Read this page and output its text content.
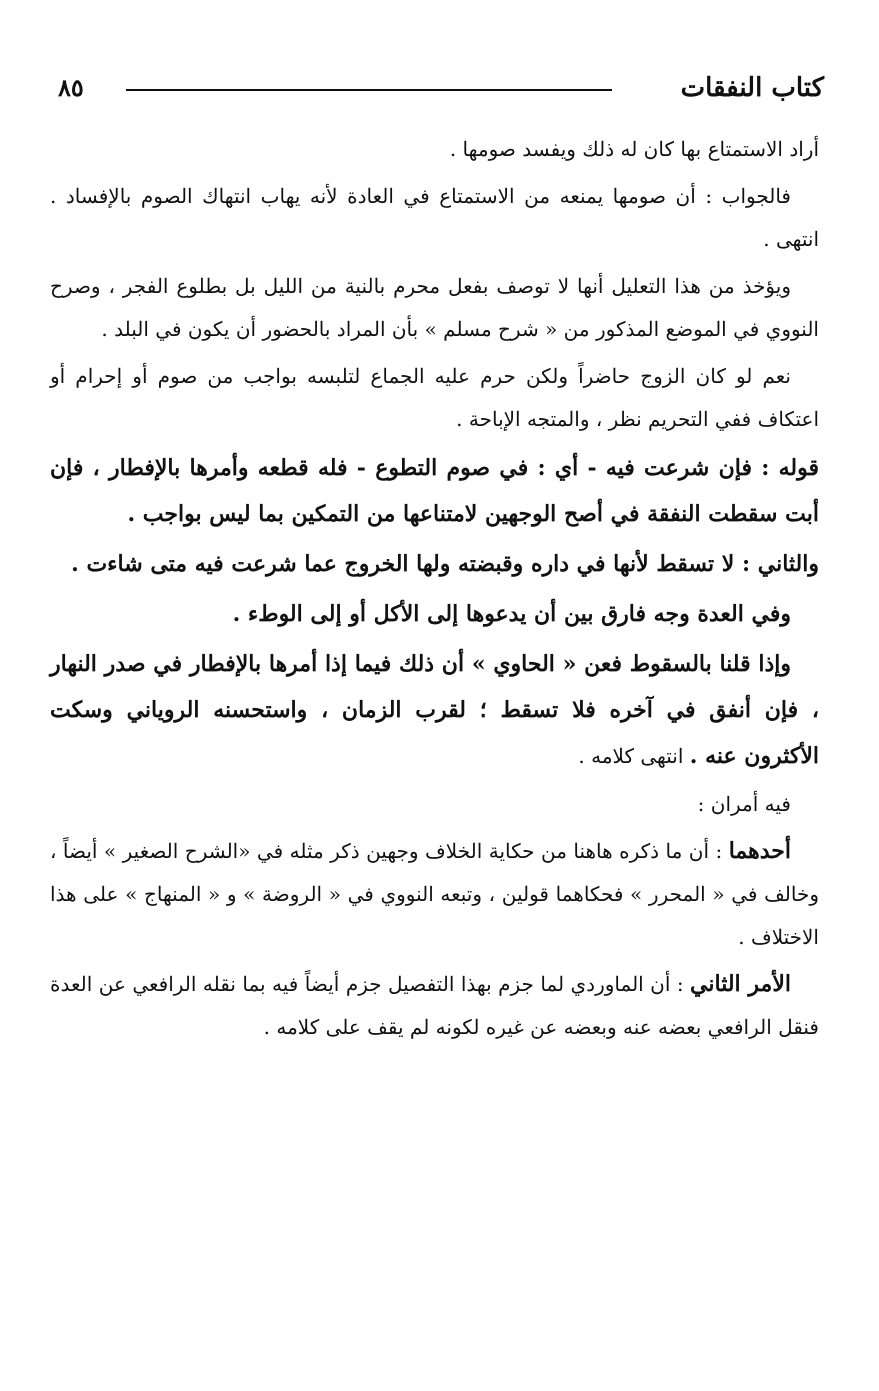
كتاب النفقات
٨٥

أراد الاستمتاع بها كان له ذلك ويفسد صومها .

فالجواب : أن صومها يمنعه من الاستمتاع في العادة لأنه يهاب انتهاك الصوم بالإفساد . انتهى .

ويؤخذ من هذا التعليل أنها لا توصف بفعل محرم بالنية من الليل بل بطلوع الفجر ، وصرح النووي في الموضع المذكور من « شرح مسلم » بأن المراد بالحضور أن يكون في البلد .

نعم لو كان الزوج حاضراً ولكن حرم عليه الجماع لتلبسه بواجب من صوم أو إحرام أو اعتكاف ففي التحريم نظر ، والمتجه الإباحة .

قوله : فإن شرعت فيه - أي : في صوم التطوع - فله قطعه وأمرها بالإفطار ، فإن أبت سقطت النفقة في أصح الوجهين لامتناعها من التمكين بما ليس بواجب .

والثاني : لا تسقط لأنها في داره وقبضته ولها الخروج عما شرعت فيه متى شاءت .

وفي العدة وجه فارق بين أن يدعوها إلى الأكل أو إلى الوطء .

وإذا قلنا بالسقوط فعن « الحاوي » أن ذلك فيما إذا أمرها بالإفطار في صدر النهار ، فإن أنفق في آخره فلا تسقط ؛ لقرب الزمان ، واستحسنه الروياني وسكت الأكثرون عنه . انتهى كلامه .

فيه أمران :

أحدهما : أن ما ذكره هاهنا من حكاية الخلاف وجهين ذكر مثله في «الشرح الصغير » أيضاً ، وخالف في « المحرر » فحكاهما قولين ، وتبعه النووي في « الروضة » و « المنهاج » على هذا الاختلاف .

الأمر الثاني : أن الماوردي لما جزم بهذا التفصيل جزم أيضاً فيه بما نقله الرافعي عن العدة فنقل الرافعي بعضه عنه وبعضه عن غيره لكونه لم يقف على كلامه .
